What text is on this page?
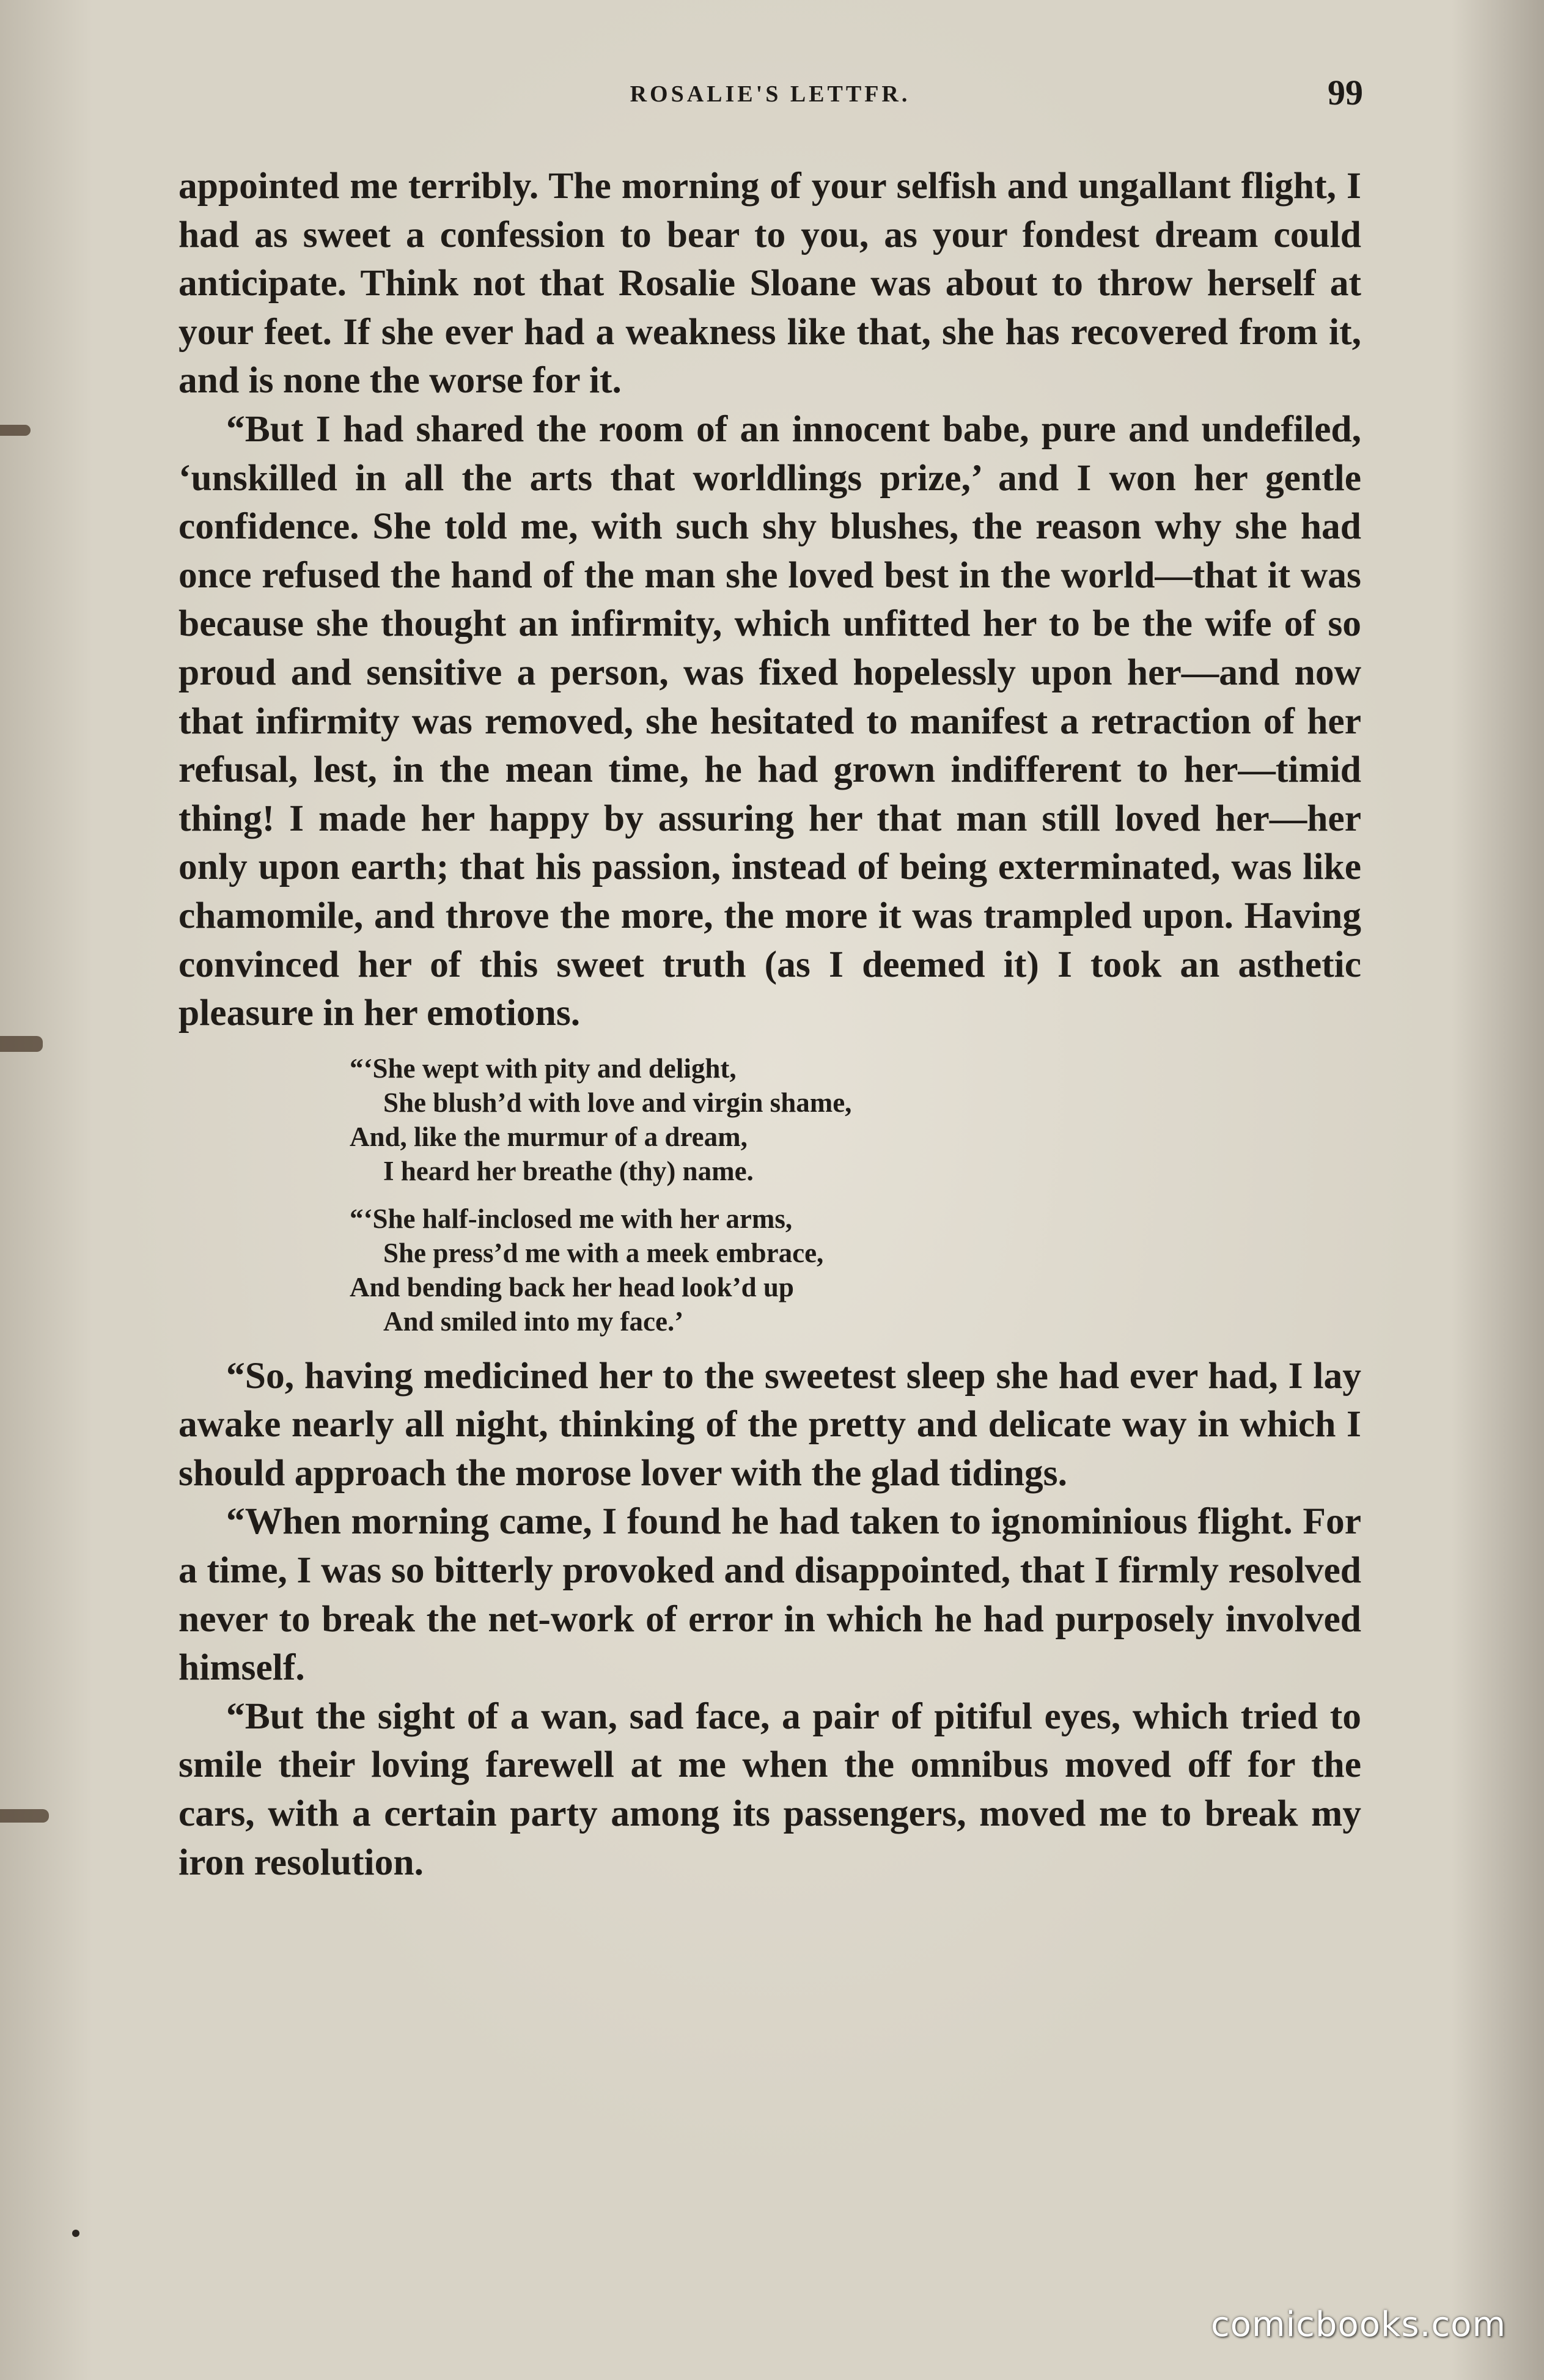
ROSALIE'S LETTFR.	99

appointed me terribly. The morning of your selfish and ungallant flight, I had as sweet a confession to bear to you, as your fondest dream could anticipate. Think not that Rosalie Sloane was about to throw herself at your feet. If she ever had a weakness like that, she has recovered from it, and is none the worse for it.

“But I had shared the room of an innocent babe, pure and undefiled, ‘unskilled in all the arts that worldlings prize,’ and I won her gentle confidence. She told me, with such shy blushes, the reason why she had once refused the hand of the man she loved best in the world—that it was because she thought an infirmity, which unfitted her to be the wife of so proud and sensitive a person, was fixed hopelessly upon her—and now that infirmity was removed, she hesitated to manifest a retraction of her refusal, lest, in the mean time, he had grown indifferent to her—timid thing! I made her happy by assuring her that man still loved her—her only upon earth; that his passion, instead of being exterminated, was like chamomile, and throve the more, the more it was trampled upon. Having convinced her of this sweet truth (as I deemed it) I took an asthetic pleasure in her emotions.

“‘She wept with pity and delight,
She blush’d with love and virgin shame,
And, like the murmur of a dream,
I heard her breathe (thy) name.
“‘She half-inclosed me with her arms,
She press’d me with a meek embrace,
And bending back her head look’d up
And smiled into my face.’

“So, having medicined her to the sweetest sleep she had ever had, I lay awake nearly all night, thinking of the pretty and delicate way in which I should approach the morose lover with the glad tidings.

“When morning came, I found he had taken to ignominious flight. For a time, I was so bitterly provoked and disappointed, that I firmly resolved never to break the net-work of error in which he had purposely involved himself.

“But the sight of a wan, sad face, a pair of pitiful eyes, which tried to smile their loving farewell at me when the omnibus moved off for the cars, with a certain party among its passengers, moved me to break my iron resolution.

comicbooks.com
